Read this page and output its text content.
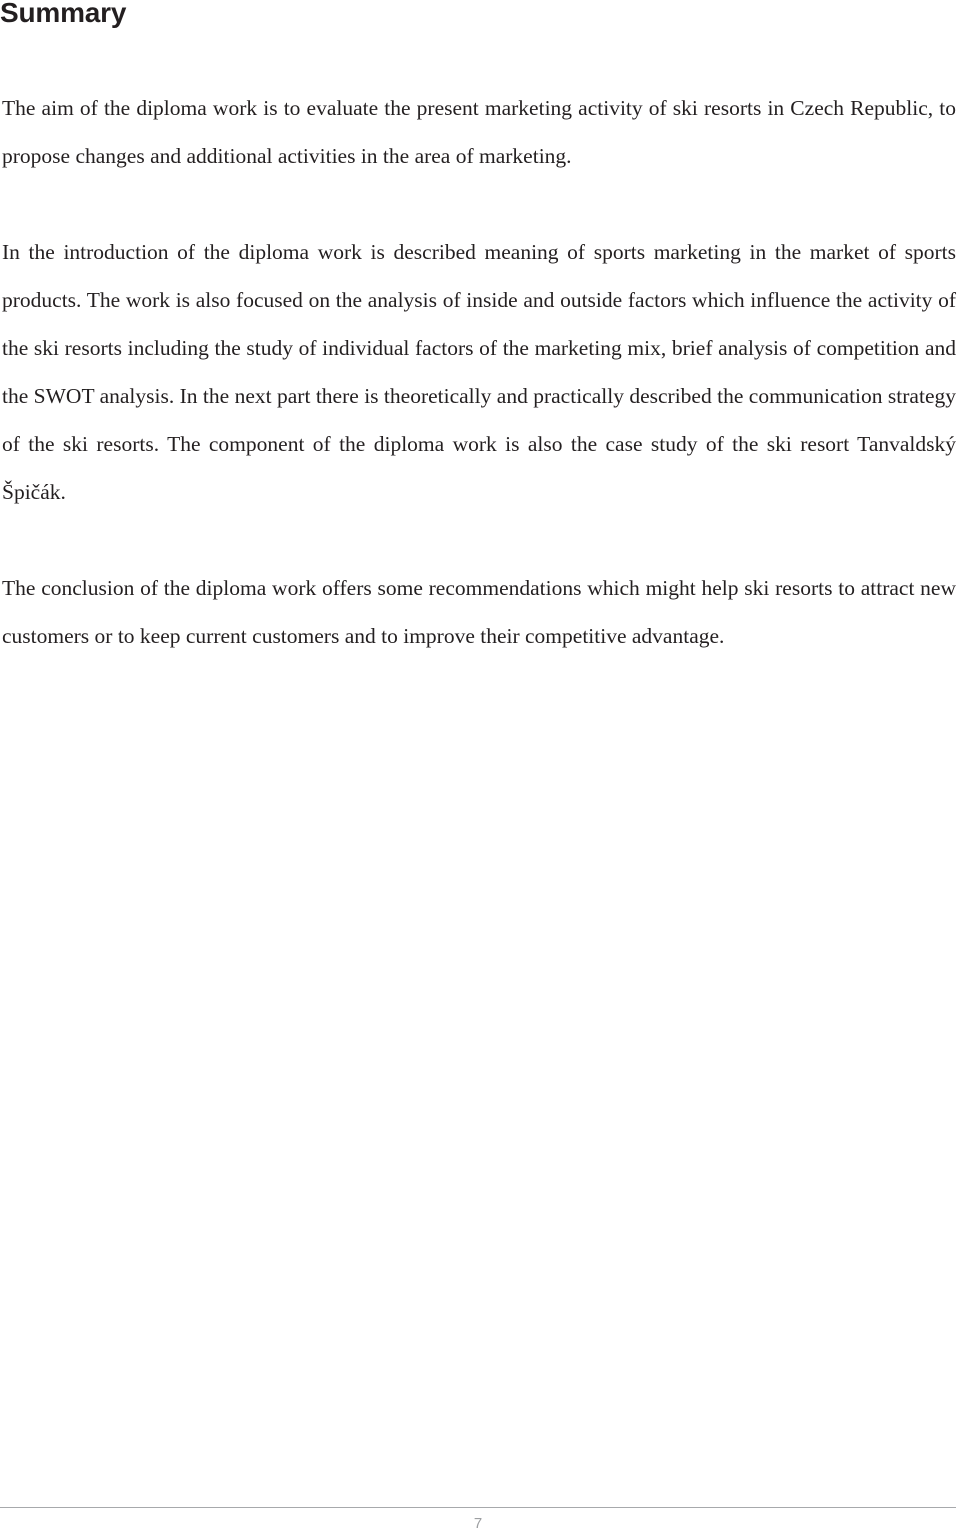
Summary

The aim of the diploma work is to evaluate the present marketing activity of ski resorts in Czech Republic, to propose changes and additional activities in the area of marketing.

In the introduction of the diploma work is described meaning of sports marketing in the market of sports products. The work is also focused on the analysis of inside and outside factors which influence the activity of the ski resorts including the study of individual factors of the marketing mix, brief analysis of competition and the SWOT analysis. In the next part there is theoretically and practically described the communication strategy of the ski resorts. The component of the diploma work is also the case study of the ski resort Tanvaldský Špičák.

The conclusion of the diploma work offers some recommendations which might help ski resorts to attract new customers or to keep current customers and to improve their competitive advantage.

7
